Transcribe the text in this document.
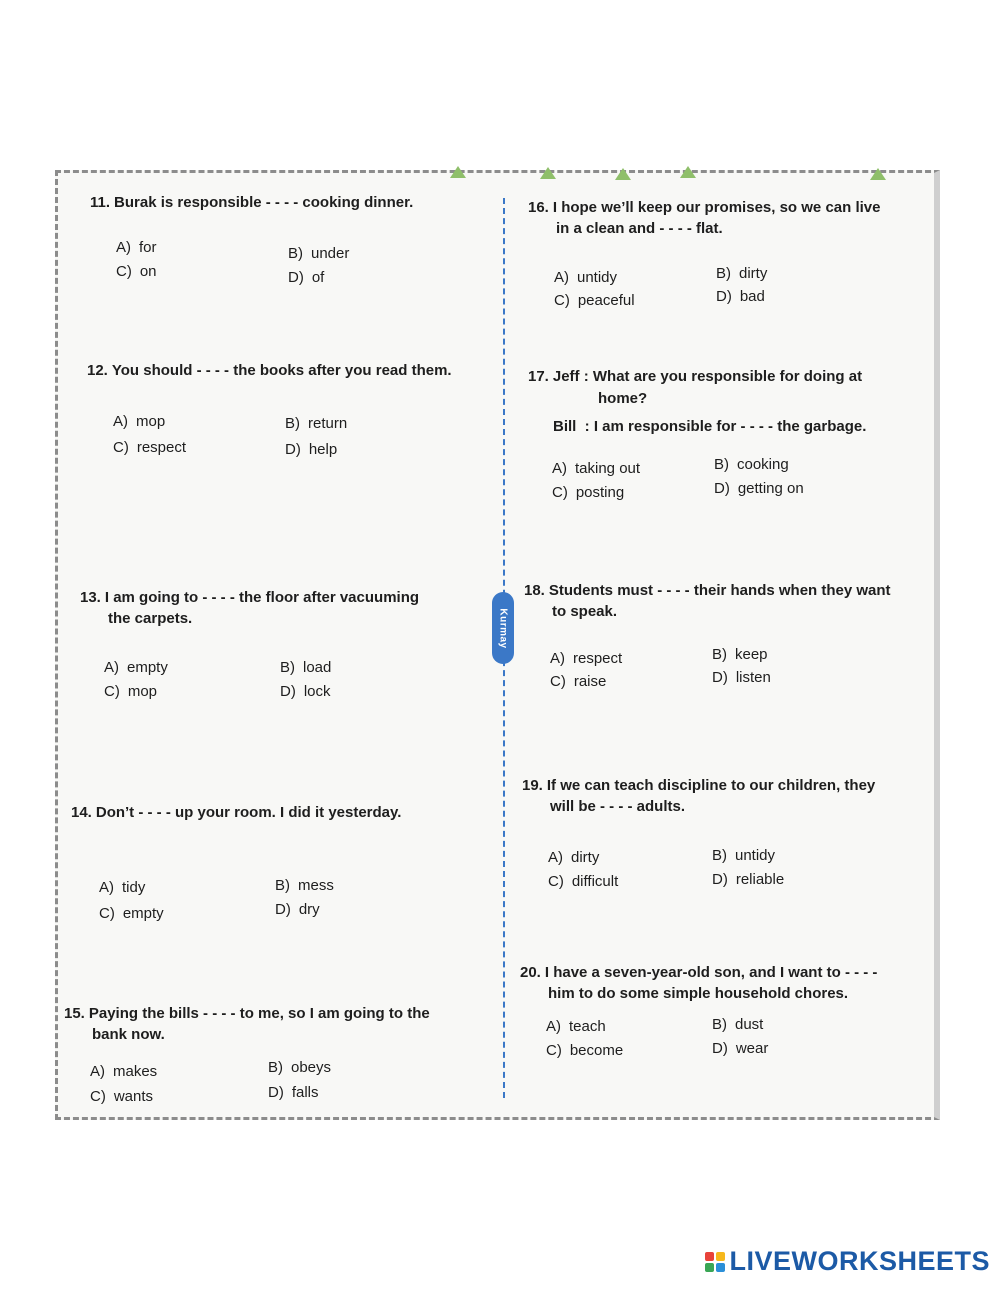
Kurmay
11. Burak is responsible - - - - cooking dinner.
A) for	B) under
C) on	D) of
12. You should - - - - the books after you read them.
A) mop	B) return
C) respect	D) help
13. I am going to - - - - the floor after vacuuming
the carpets.
A) empty	B) load
C) mop	D) lock
14. Don’t - - - - up your room. I did it yesterday.
A) tidy	B) mess
C) empty	D) dry
15. Paying the bills - - - - to me, so I am going to the
bank now.
A) makes	B) obeys
C) wants	D) falls
16. I hope we’ll keep our promises, so we can live
in a clean and - - - - flat.
A) untidy	B) dirty
C) peaceful	D) bad
17. Jeff : What are you responsible for doing at
home?
Bill  : I am responsible for - - - - the garbage.
A) taking out	B) cooking
C) posting	D) getting on
18. Students must - - - - their hands when they want
to speak.
A) respect	B) keep
C) raise	D) listen
19. If we can teach discipline to our children, they
will be - - - - adults.
A) dirty	B) untidy
C) difficult	D) reliable
20. I have a seven-year-old son, and I want to - - - -
him to do some simple household chores.
A) teach	B) dust
C) become	D) wear
LIVEWORKSHEETS
